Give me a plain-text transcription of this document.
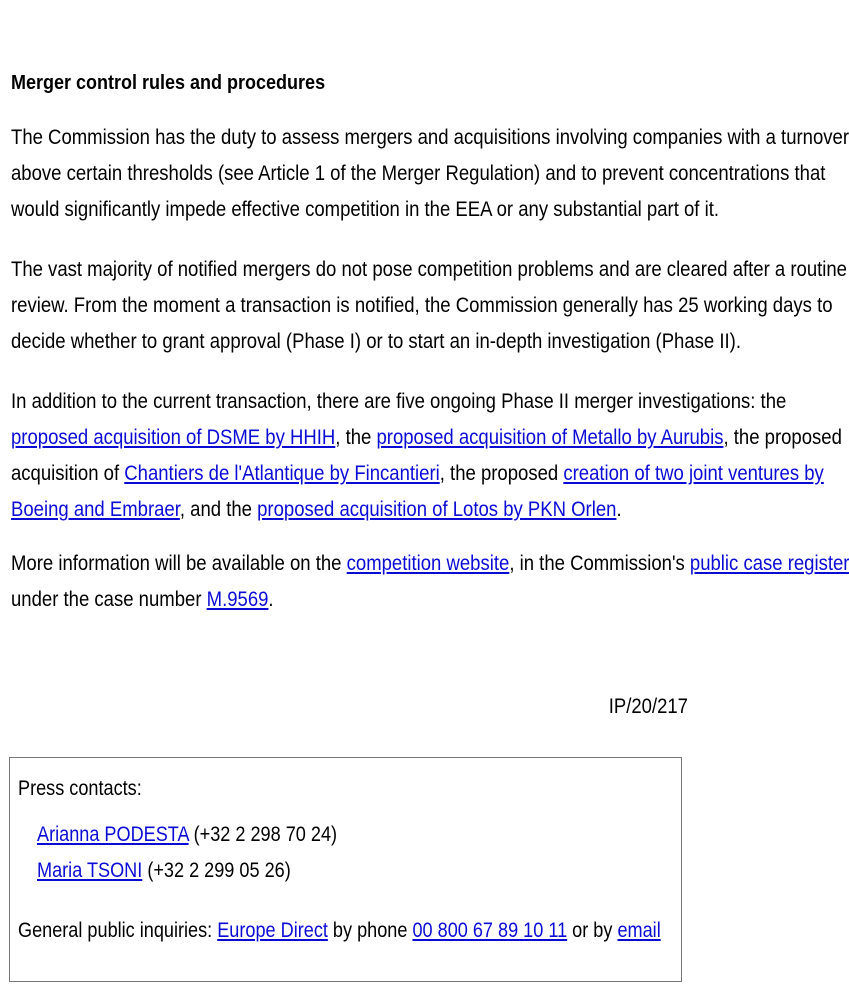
Merger control rules and procedures
The Commission has the duty to assess mergers and acquisitions involving companies with a turnover
above certain thresholds (see Article 1 of the Merger Regulation) and to prevent concentrations that
would significantly impede effective competition in the EEA or any substantial part of it.
The vast majority of notified mergers do not pose competition problems and are cleared after a routine
review. From the moment a transaction is notified, the Commission generally has 25 working days to
decide whether to grant approval (Phase I) or to start an in-depth investigation (Phase II).
In addition to the current transaction, there are five ongoing Phase II merger investigations: the
proposed acquisition of DSME by HHIH, the proposed acquisition of Metallo by Aurubis, the proposed
acquisition of Chantiers de l'Atlantique by Fincantieri, the proposed creation of two joint ventures by
Boeing and Embraer, and the proposed acquisition of Lotos by PKN Orlen.
More information will be available on the competition website, in the Commission's public case register
under the case number M.9569.
IP/20/217
Press contacts:
Arianna PODESTA (+32 2 298 70 24)
Maria TSONI (+32 2 299 05 26)
General public inquiries: Europe Direct by phone 00 800 67 89 10 11 or by email
